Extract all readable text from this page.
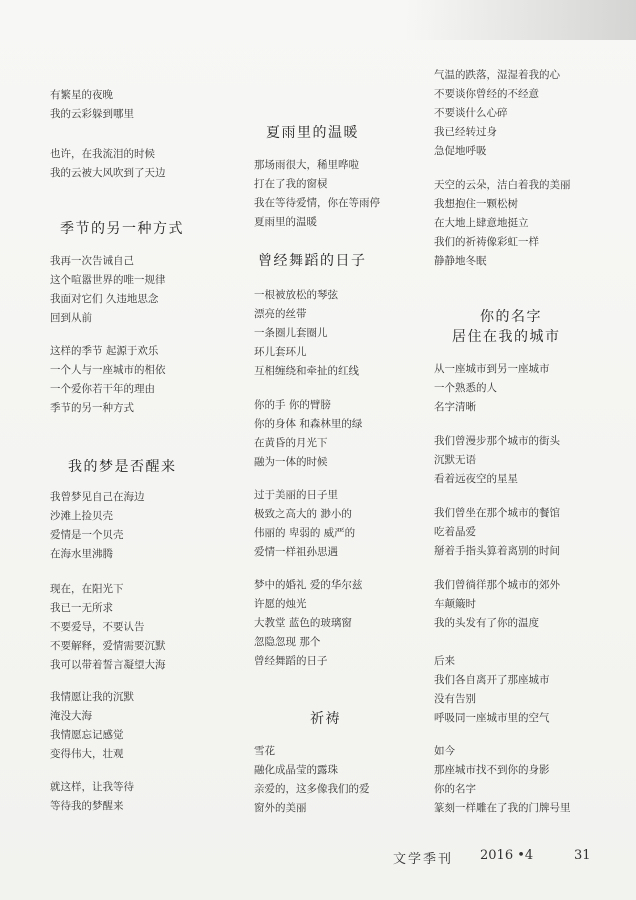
有繁星的夜晚
我的云彩躲到哪里
也许，在我流泪的时候
我的云被大风吹到了天边
季节的另一种方式
我再一次告诫自己
这个喧嚣世界的唯一规律
我面对它们 久违地思念
回到从前
这样的季节 起源于欢乐
一个人与一座城市的相依
一个爱你若干年的理由
季节的另一种方式
我的梦是否醒来
我曾梦见自己在海边
沙滩上捡贝壳
爱情是一个贝壳
在海水里沸腾
现在，在阳光下
我已一无所求
不要爱导，不要认告
不要解释，爱情需要沉默
我可以带着誓言凝望大海
我情愿让我的沉默
淹没大海
我情愿忘记感觉
变得伟大，壮观
就这样，让我等待
等待我的梦醒来
夏雨里的温暖
那场雨很大，稀里哗啦
打在了我的窗棂
我在等待爱情，你在等雨停
夏雨里的温暖
曾经舞蹈的日子
一根被放松的琴弦
漂亮的丝带
一条圈儿套圈儿
环儿套环儿
互相缠绕和牵扯的红线
你的手 你的臂膀
你的身体 和森林里的绿
在黄昏的月光下
融为一体的时候
过于美丽的日子里
极致之高大的 渺小的
伟丽的 卑弱的 威严的
爱情一样祖孙思遇
梦中的婚礼 爱的华尔兹
许愿的烛光
大教堂 蓝色的玻璃窗
忽隐忽现 那个
曾经舞蹈的日子
祈祷
雪花
融化成晶莹的露珠
亲爱的，这多像我们的爱
窗外的美丽
气温的跌落，湿湿着我的心
不要谈你曾经的不经意
不要谈什么心碎
我已经转过身
急促地呼吸
天空的云朵，洁白着我的美丽
我想抱住一颗松树
在大地上肆意地挺立
我们的祈祷像彩虹一样
静静地冬眠
你的名字
居住在我的城市
从一座城市到另一座城市
一个熟悉的人
名字清晰
我们曾漫步那个城市的街头
沉默无语
看着远夜空的星星
我们曾坐在那个城市的餐馆
吃着晶爱
掰着手指头算着离别的时间
我们曾徜徉那个城市的郊外
车颠簸时
我的头发有了你的温度
后来
我们各自离开了那座城市
没有告别
呼吸同一座城市里的空气
如今
那座城市找不到你的身影
你的名字
篆刻一样雕在了我的门牌号里
文学季刊 2016 •4	31
